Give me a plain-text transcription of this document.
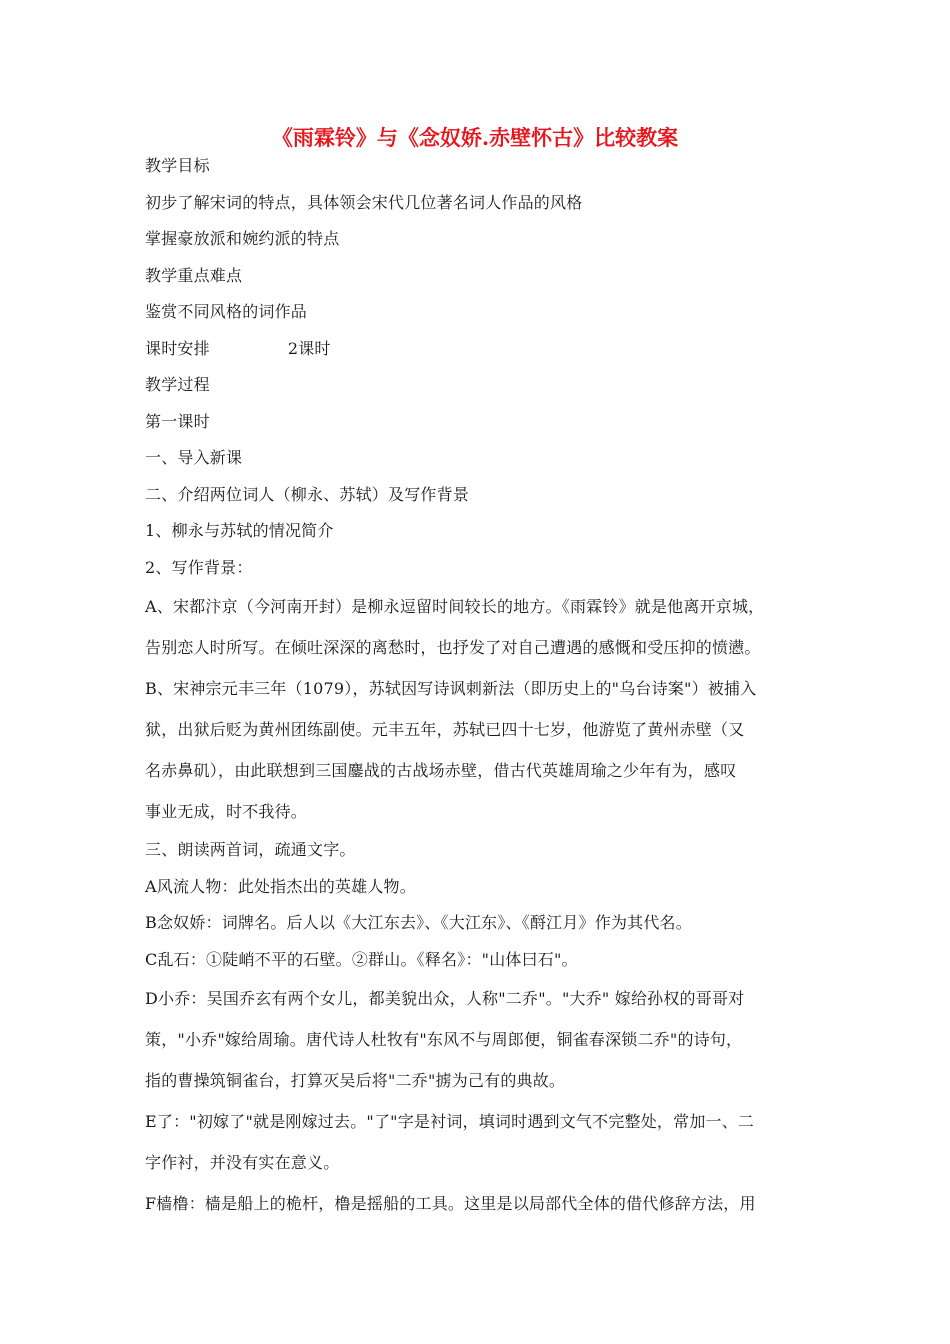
《雨霖铃》与《念奴娇.赤壁怀古》比较教案
教学目标
初步了解宋词的特点，具体领会宋代几位著名词人作品的风格
掌握豪放派和婉约派的特点
教学重点难点
鉴赏不同风格的词作品
课时安排	2课时
教学过程
第一课时
一、导入新课
二、介绍两位词人（柳永、苏轼）及写作背景
1、柳永与苏轼的情况简介
2、写作背景：
A、宋都汴京（今河南开封）是柳永逗留时间较长的地方。《雨霖铃》就是他离开京城，
告别恋人时所写。在倾吐深深的离愁时，也抒发了对自己遭遇的感慨和受压抑的愤懑。
B、宋神宗元丰三年（1079），苏轼因写诗讽刺新法（即历史上的"乌台诗案"）被捕入
狱，出狱后贬为黄州团练副使。元丰五年，苏轼已四十七岁，他游览了黄州赤壁（又
名赤鼻矶），由此联想到三国鏖战的古战场赤壁，借古代英雄周瑜之少年有为，感叹
事业无成，时不我待。
三、朗读两首词，疏通文字。
A风流人物：此处指杰出的英雄人物。
B念奴娇：词牌名。后人以《大江东去》、《大江东》、《酹江月》作为其代名。
C乱石：①陡峭不平的石壁。②群山。《释名》："山体曰石"。
D小乔：吴国乔玄有两个女儿，都美貌出众，人称"二乔"。"大乔" 嫁给孙权的哥哥对
策，"小乔"嫁给周瑜。唐代诗人杜牧有"东风不与周郎便，铜雀春深锁二乔"的诗句，
指的曹操筑铜雀台，打算灭吴后将"二乔"掳为己有的典故。
E了："初嫁了"就是刚嫁过去。"了"字是衬词，填词时遇到文气不完整处，常加一、二
字作衬，并没有实在意义。
F樯橹：樯是船上的桅杆，橹是摇船的工具。这里是以局部代全体的借代修辞方法，用
